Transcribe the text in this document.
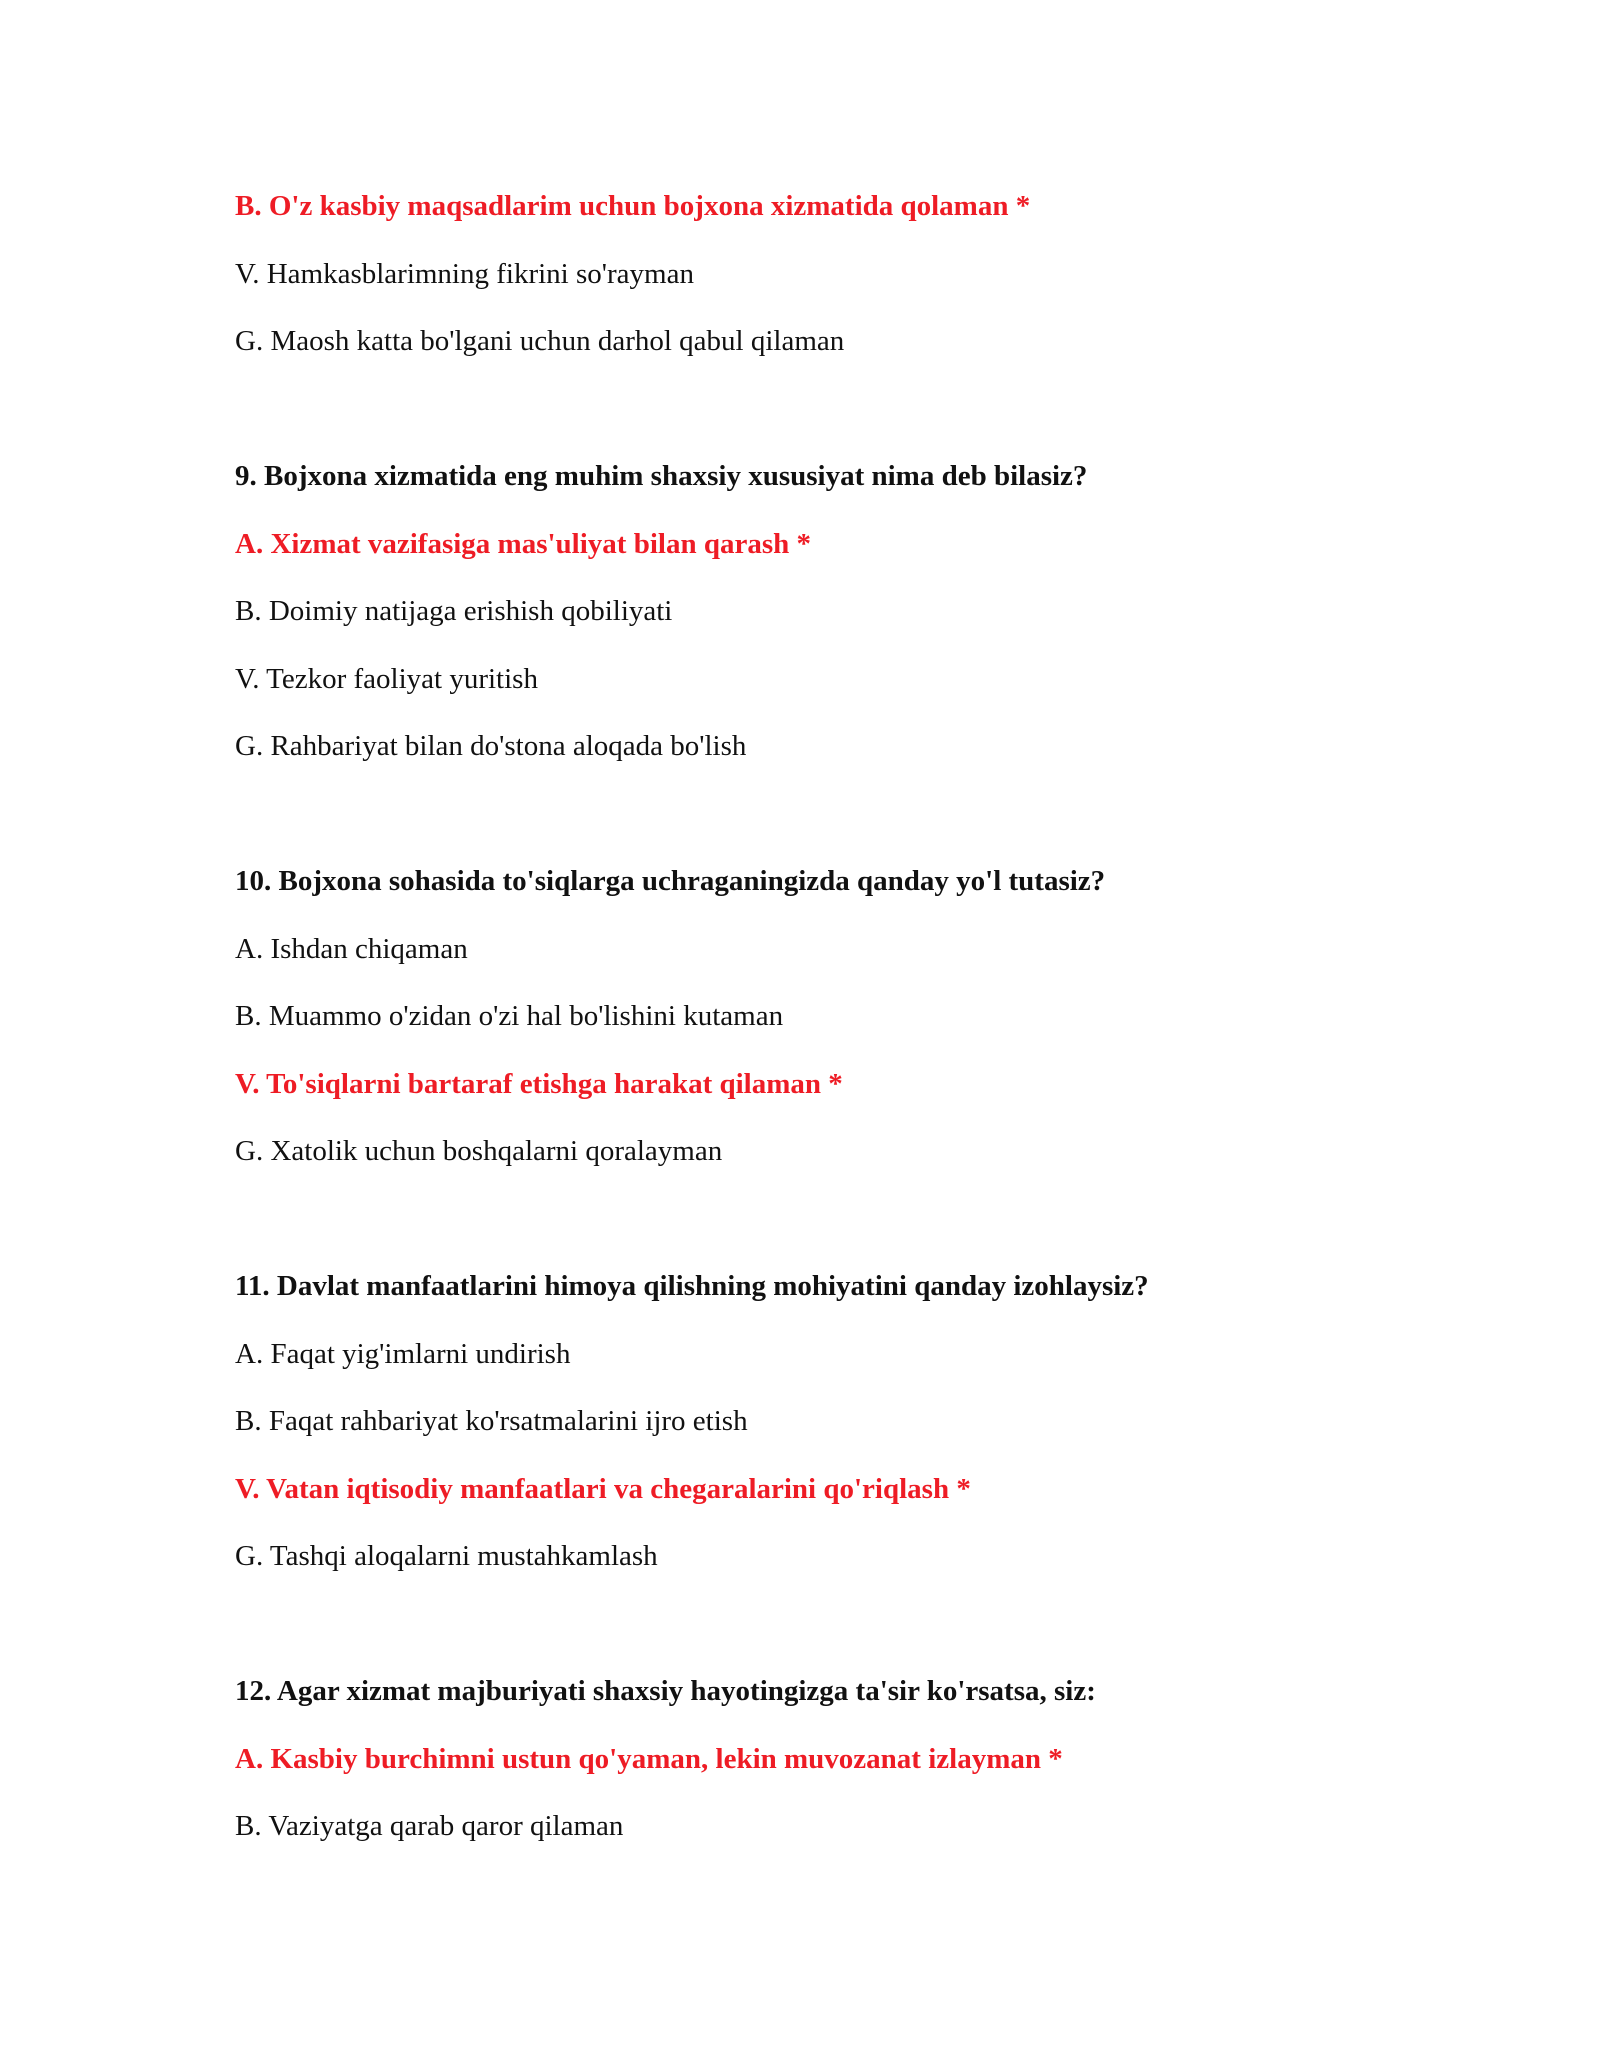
B. O'z kasbiy maqsadlarim uchun bojxona xizmatida qolaman *
V. Hamkasblarimning fikrini so'rayman
G. Maosh katta bo'lgani uchun darhol qabul qilaman
9. Bojxona xizmatida eng muhim shaxsiy xususiyat nima deb bilasiz?
A. Xizmat vazifasiga mas'uliyat bilan qarash *
B. Doimiy natijaga erishish qobiliyati
V. Tezkor faoliyat yuritish
G. Rahbariyat bilan do'stona aloqada bo'lish
10. Bojxona sohasida to'siqlarga uchraganingizda qanday yo'l tutasiz?
A. Ishdan chiqaman
B. Muammo o'zidan o'zi hal bo'lishini kutaman
V. To'siqlarni bartaraf etishga harakat qilaman *
G. Xatolik uchun boshqalarni qoralayman
11. Davlat manfaatlarini himoya qilishning mohiyatini qanday izohlaysiz?
A. Faqat yig'imlarni undirish
B. Faqat rahbariyat ko'rsatmalarini ijro etish
V. Vatan iqtisodiy manfaatlari va chegaralarini qo'riqlash *
G. Tashqi aloqalarni mustahkamlash
12. Agar xizmat majburiyati shaxsiy hayotingizga ta'sir ko'rsatsa, siz:
A. Kasbiy burchimni ustun qo'yaman, lekin muvozanat izlayman *
B. Vaziyatga qarab qaror qilaman
